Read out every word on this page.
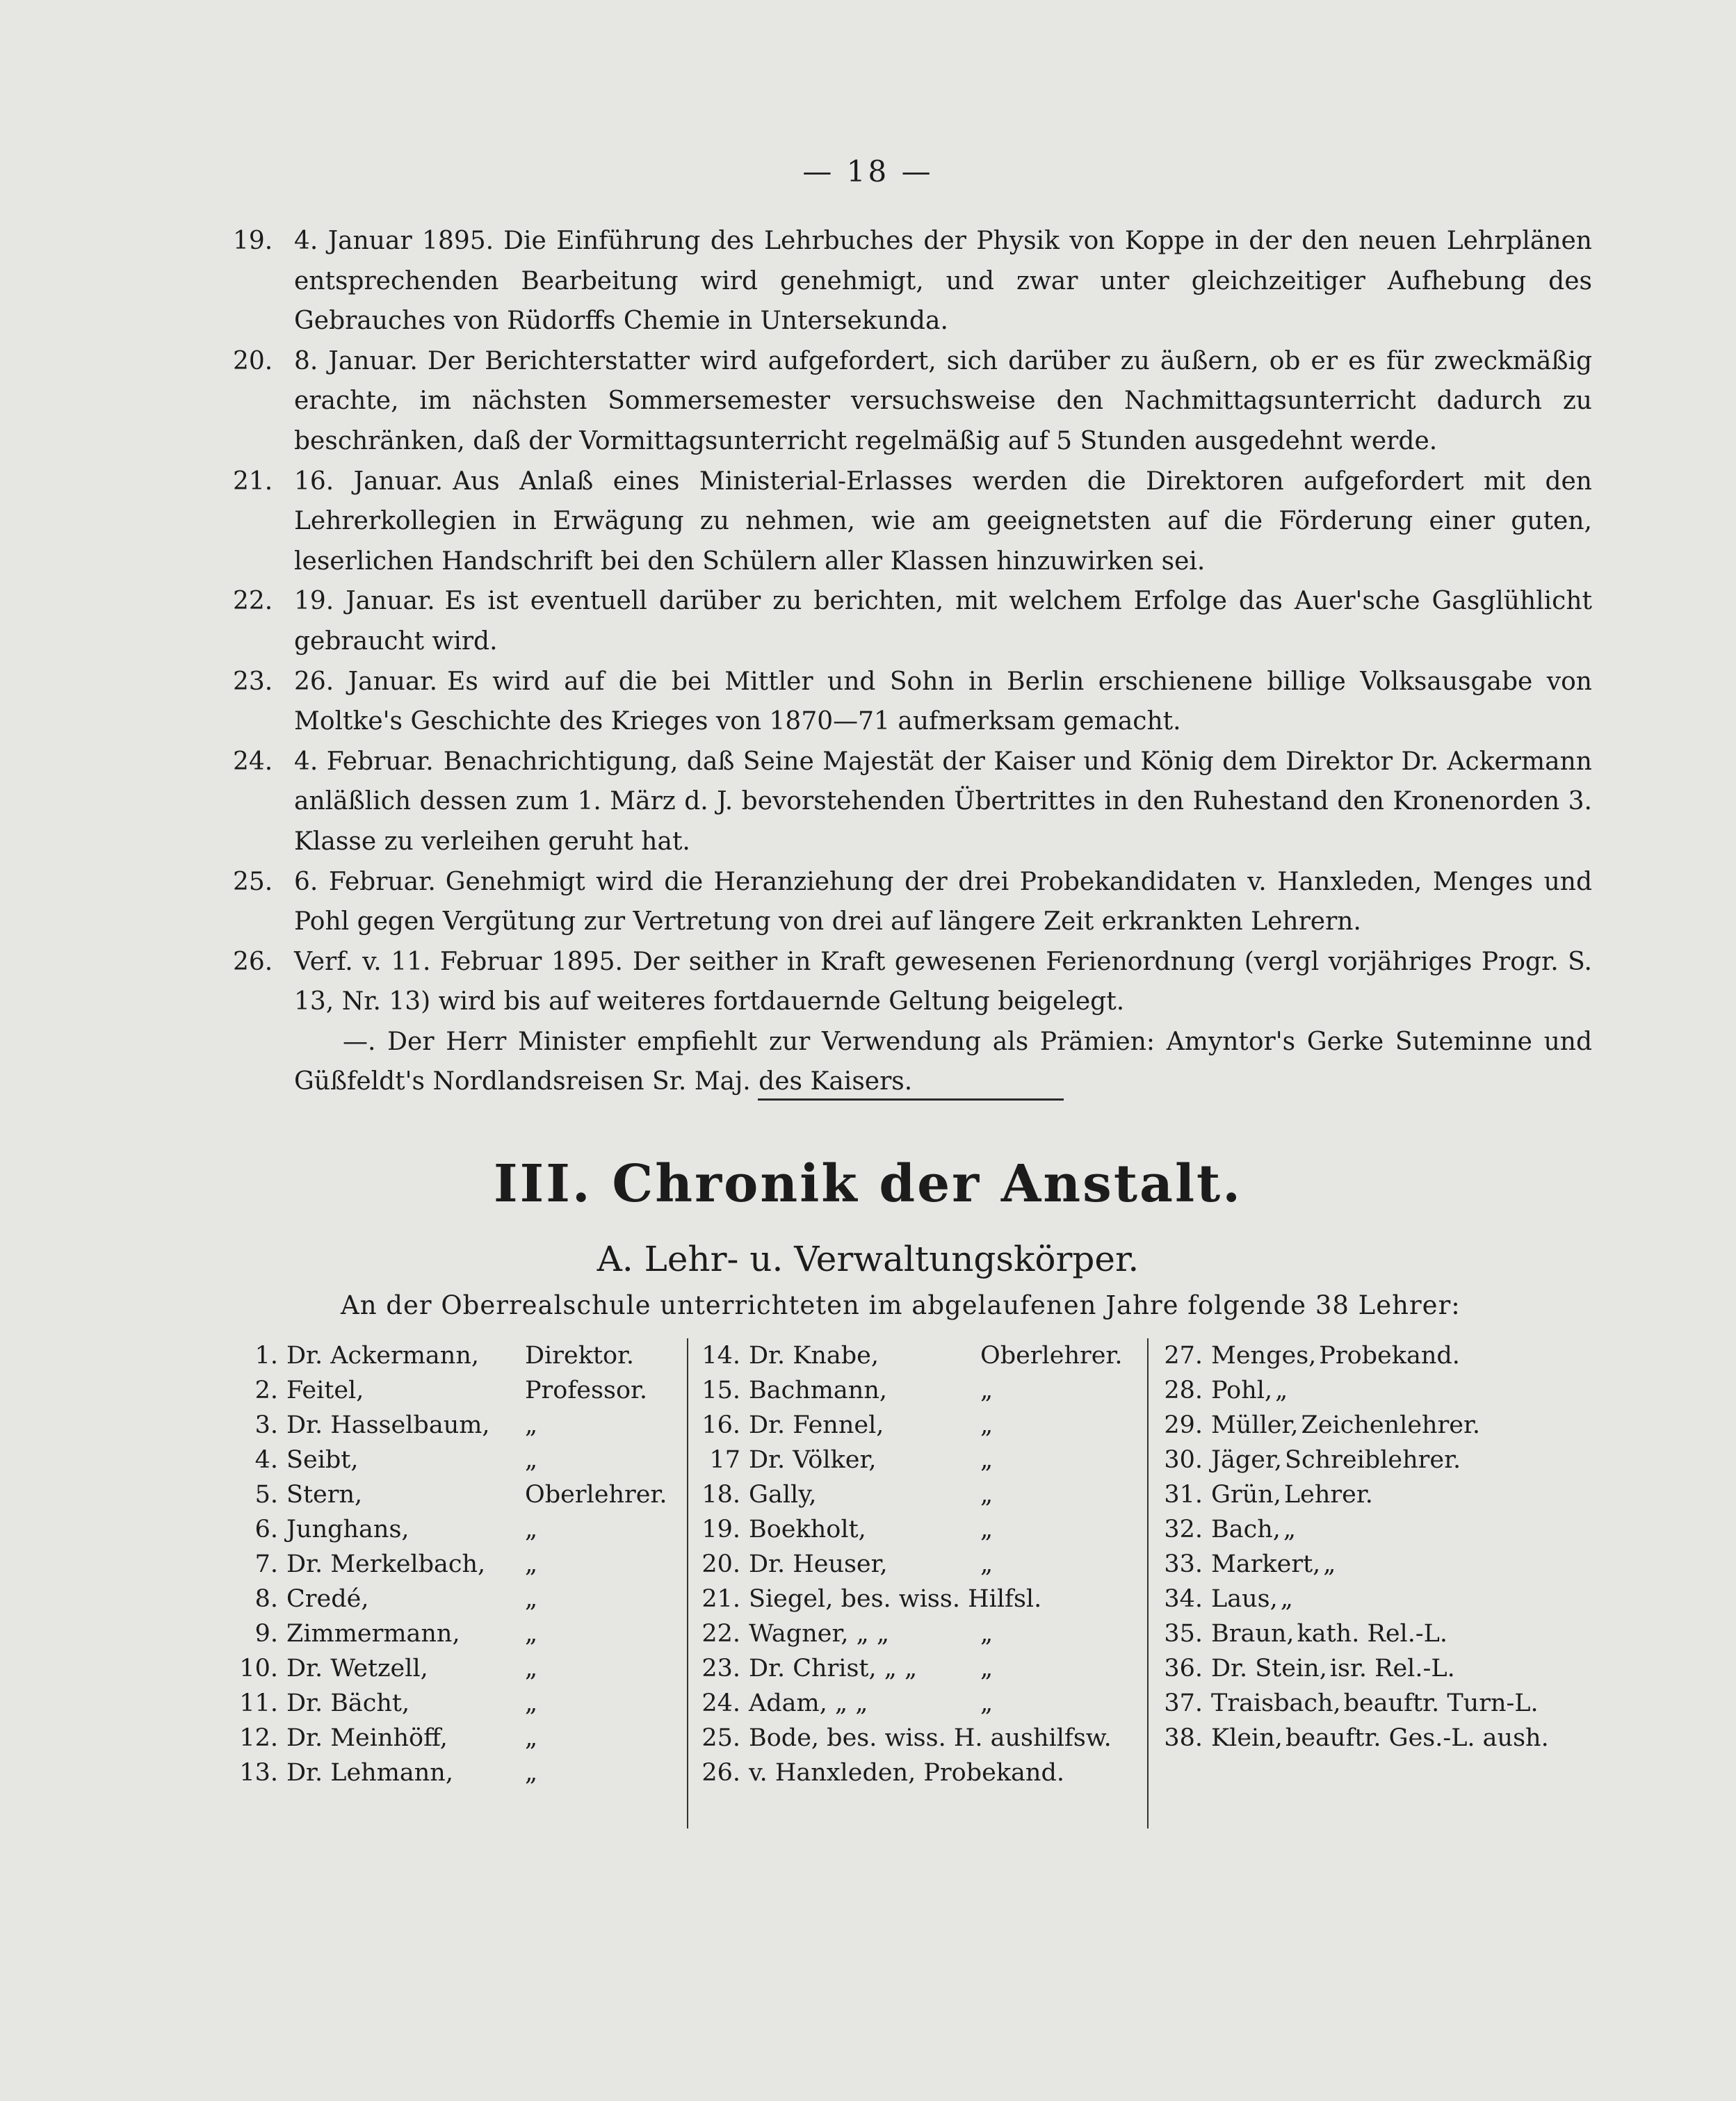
— 18 —
19. 4. Januar 1895. Die Einführung des Lehrbuches der Physik von Koppe in der den neuen Lehrplänen entsprechenden Bearbeitung wird genehmigt, und zwar unter gleichzeitiger Aufhebung des Gebrauches von Rüdorffs Chemie in Untersekunda.
20. 8. Januar. Der Berichterstatter wird aufgefordert, sich darüber zu äußern, ob er es für zweckmäßig erachte, im nächsten Sommersemester versuchsweise den Nachmittagsunterricht dadurch zu beschränken, daß der Vormittagsunterricht regelmäßig auf 5 Stunden ausgedehnt werde.
21. 16. Januar. Aus Anlaß eines Ministerial-Erlasses werden die Direktoren aufgefordert mit den Lehrerkollegien in Erwägung zu nehmen, wie am geeignetsten auf die Förderung einer guten, leserlichen Handschrift bei den Schülern aller Klassen hinzuwirken sei.
22. 19. Januar. Es ist eventuell darüber zu berichten, mit welchem Erfolge das Auer'sche Gasglühlicht gebraucht wird.
23. 26. Januar. Es wird auf die bei Mittler und Sohn in Berlin erschienene billige Volksausgabe von Moltke's Geschichte des Krieges von 1870—71 aufmerksam gemacht.
24. 4. Februar. Benachrichtigung, daß Seine Majestät der Kaiser und König dem Direktor Dr. Ackermann anläßlich dessen zum 1. März d. J. bevorstehenden Übertrittes in den Ruhestand den Kronenorden 3. Klasse zu verleihen geruht hat.
25. 6. Februar. Genehmigt wird die Heranziehung der drei Probekandidaten v. Hanxleden, Menges und Pohl gegen Vergütung zur Vertretung von drei auf längere Zeit erkrankten Lehrern.
26. Verf. v. 11. Februar 1895. Der seither in Kraft gewesenen Ferienordnung (vergl vorjähriges Progr. S. 13, Nr. 13) wird bis auf weiteres fortdauernde Geltung beigelegt.
—. Der Herr Minister empfiehlt zur Verwendung als Prämien: Amyntor's Gerke Suteminne und Güßfeldt's Nordlandsreisen Sr. Maj. des Kaisers.
III. Chronik der Anstalt.
A. Lehr- u. Verwaltungskörper.
An der Oberrealschule unterrichteten im abgelaufenen Jahre folgende 38 Lehrer:
1. Dr. Ackermann, Direktor.
2. Feitel,	Professor.
3. Dr. Hasselbaum, „
4. Seibt,	„
5. Stern,	Oberlehrer.
6. Junghans,	„
7. Dr. Merkelbach, „
8. Credé,	„
9. Zimmermann,	„
10. Dr. Wetzell,	„
11. Dr. Bächt,	„
12. Dr. Meinhöff,	„
13. Dr. Lehmann,	„
14. Dr. Knabe,	Oberlehrer.
15. Bachmann,	„
16. Dr. Fennel,	„
17 Dr. Völker,	„
18. Gally,	„
19. Boekholt,	„
20. Dr. Heuser,	„
21. Siegel, bes. wiss. Hilfsl.
22. Wagner, „ „	„
23. Dr. Christ, „ „	„
24. Adam, „ „	„
25. Bode, bes. wiss. H. aushilfsw.
26. v. Hanxleden, Probekand.
27. Menges, Probekand.
28. Pohl, „
29. Müller, Zeichenlehrer.
30. Jäger, Schreiblehrer.
31. Grün, Lehrer.
32. Bach, „
33. Markert, „
34. Laus, „
35. Braun, kath. Rel.-L.
36. Dr. Stein, isr. Rel.-L.
37. Traisbach, beauftr. Turn-L.
38. Klein, beauftr. Ges.-L. aush.
